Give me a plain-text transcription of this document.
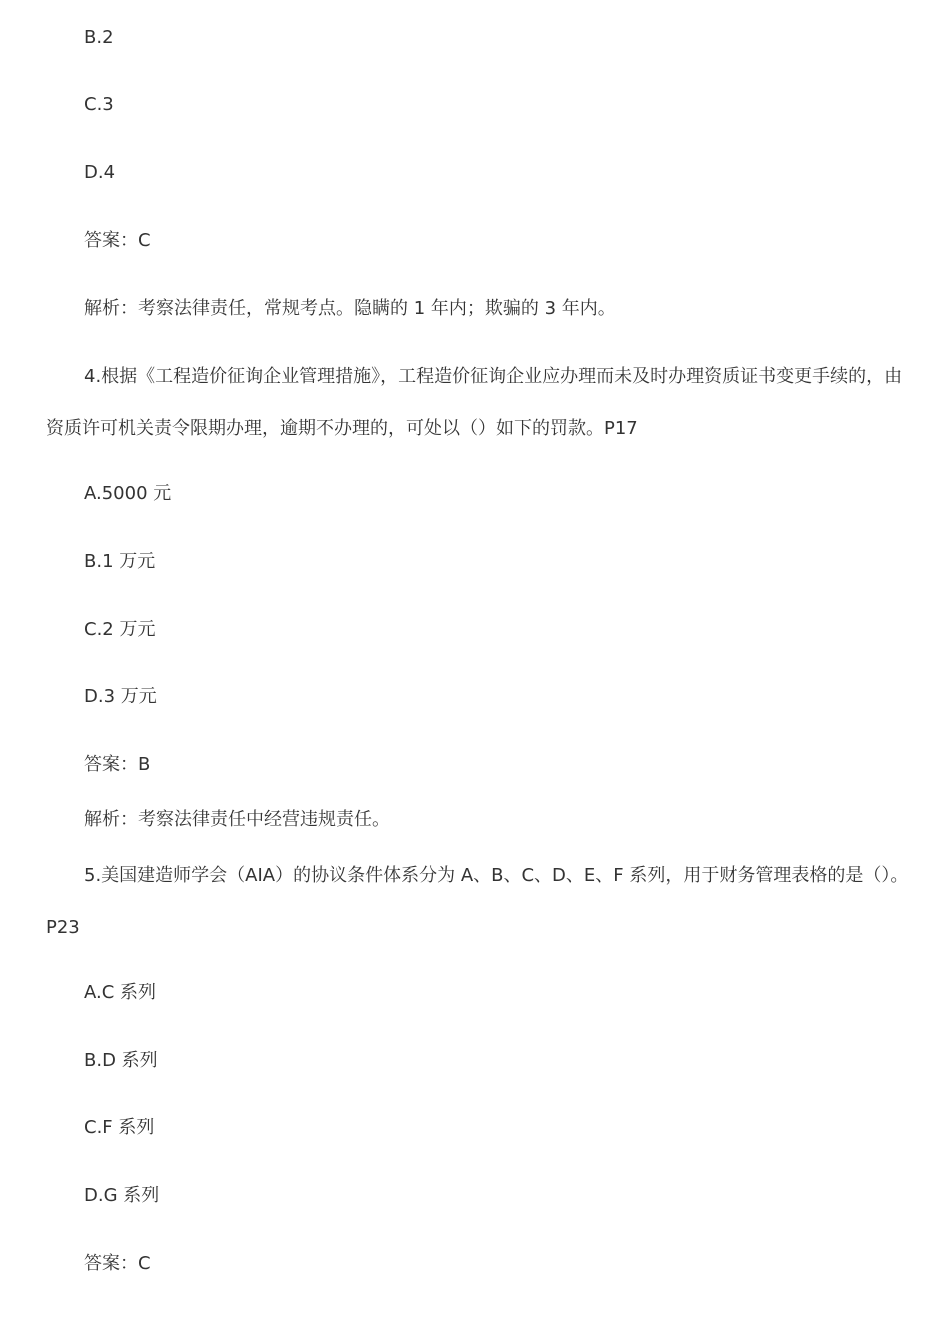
B.2
C.3
D.4
答案：C
解析：考察法律责任，常规考点。隐瞒的 1 年内；欺骗的 3 年内。
4.根据《工程造价征询企业管理措施》，工程造价征询企业应办理而未及时办理资质证书变更手续的，由资质许可机关责令限期办理，逾期不办理的，可处以（）如下的罚款。P17
A.5000 元
B.1 万元
C.2 万元
D.3 万元
答案：B
解析：考察法律责任中经营违规责任。
5.美国建造师学会（AIA）的协议条件体系分为 A、B、C、D、E、F 系列，用于财务管理表格的是（）。P23
A.C 系列
B.D 系列
C.F 系列
D.G 系列
答案：C
